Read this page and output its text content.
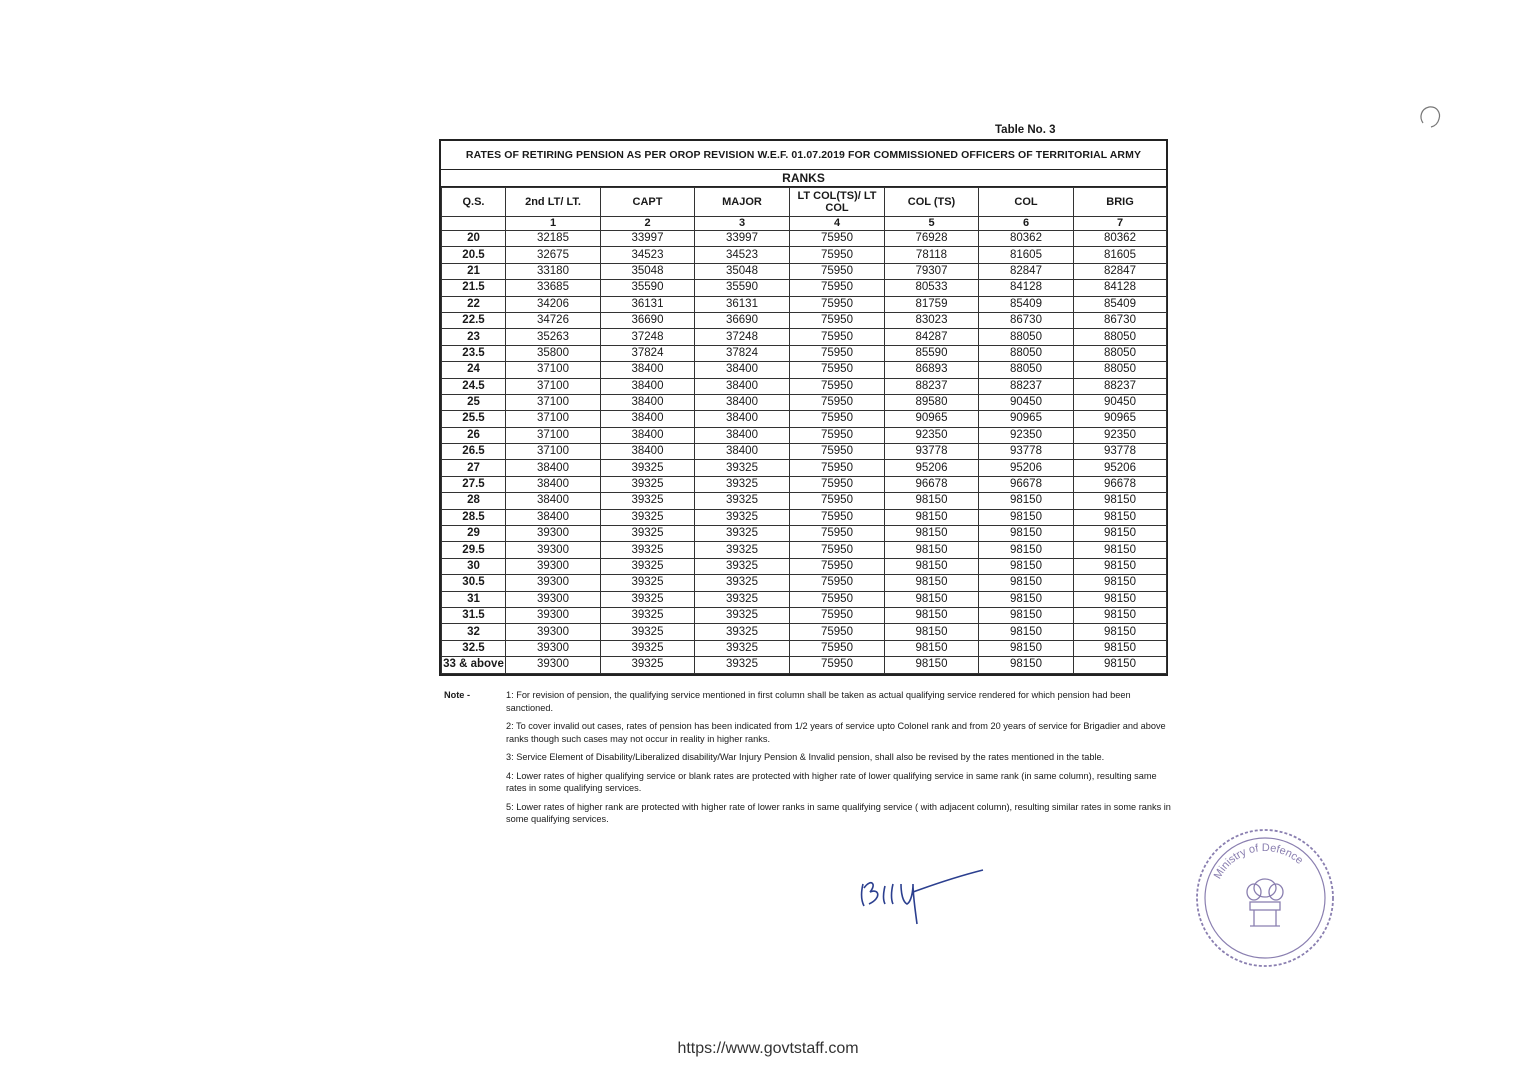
Table No. 3
RATES OF RETIRING PENSION AS PER OROP REVISION W.E.F. 01.07.2019 FOR COMMISSIONED OFFICERS OF TERRITORIAL ARMY
RANKS
Q.S.	2nd LT/ LT.	CAPT	MAJOR	LT COL(TS)/ LT COL	COL (TS)	COL	BRIG
	1	2	3	4	5	6	7
20	32185	33997	33997	75950	76928	80362	80362
20.5	32675	34523	34523	75950	78118	81605	81605
21	33180	35048	35048	75950	79307	82847	82847
21.5	33685	35590	35590	75950	80533	84128	84128
22	34206	36131	36131	75950	81759	85409	85409
22.5	34726	36690	36690	75950	83023	86730	86730
23	35263	37248	37248	75950	84287	88050	88050
23.5	35800	37824	37824	75950	85590	88050	88050
24	37100	38400	38400	75950	86893	88050	88050
24.5	37100	38400	38400	75950	88237	88237	88237
25	37100	38400	38400	75950	89580	90450	90450
25.5	37100	38400	38400	75950	90965	90965	90965
26	37100	38400	38400	75950	92350	92350	92350
26.5	37100	38400	38400	75950	93778	93778	93778
27	38400	39325	39325	75950	95206	95206	95206
27.5	38400	39325	39325	75950	96678	96678	96678
28	38400	39325	39325	75950	98150	98150	98150
28.5	38400	39325	39325	75950	98150	98150	98150
29	39300	39325	39325	75950	98150	98150	98150
29.5	39300	39325	39325	75950	98150	98150	98150
30	39300	39325	39325	75950	98150	98150	98150
30.5	39300	39325	39325	75950	98150	98150	98150
31	39300	39325	39325	75950	98150	98150	98150
31.5	39300	39325	39325	75950	98150	98150	98150
32	39300	39325	39325	75950	98150	98150	98150
32.5	39300	39325	39325	75950	98150	98150	98150
33 & above	39300	39325	39325	75950	98150	98150	98150
Note -	1: For revision of pension, the qualifying service mentioned in first column shall be taken as actual qualifying service rendered for which pension had been sanctioned.
2: To cover invalid out cases, rates of pension has been indicated from 1/2 years of service upto Colonel rank and from 20 years of service for Brigadier and above ranks though such cases may not occur in reality in higher ranks.
3: Service Element of Disability/Liberalized disability/War Injury Pension & Invalid pension, shall also be revised by the rates mentioned in the table.
4: Lower rates of higher qualifying service or blank rates are protected with higher rate of lower qualifying service in same rank (in same column), resulting same rates in some qualifying services.
5: Lower rates of higher rank are protected with higher rate of lower ranks in same qualifying service ( with adjacent column), resulting similar rates in some ranks in some qualifying services.
Ministry of Defence
https://www.govtstaff.com
